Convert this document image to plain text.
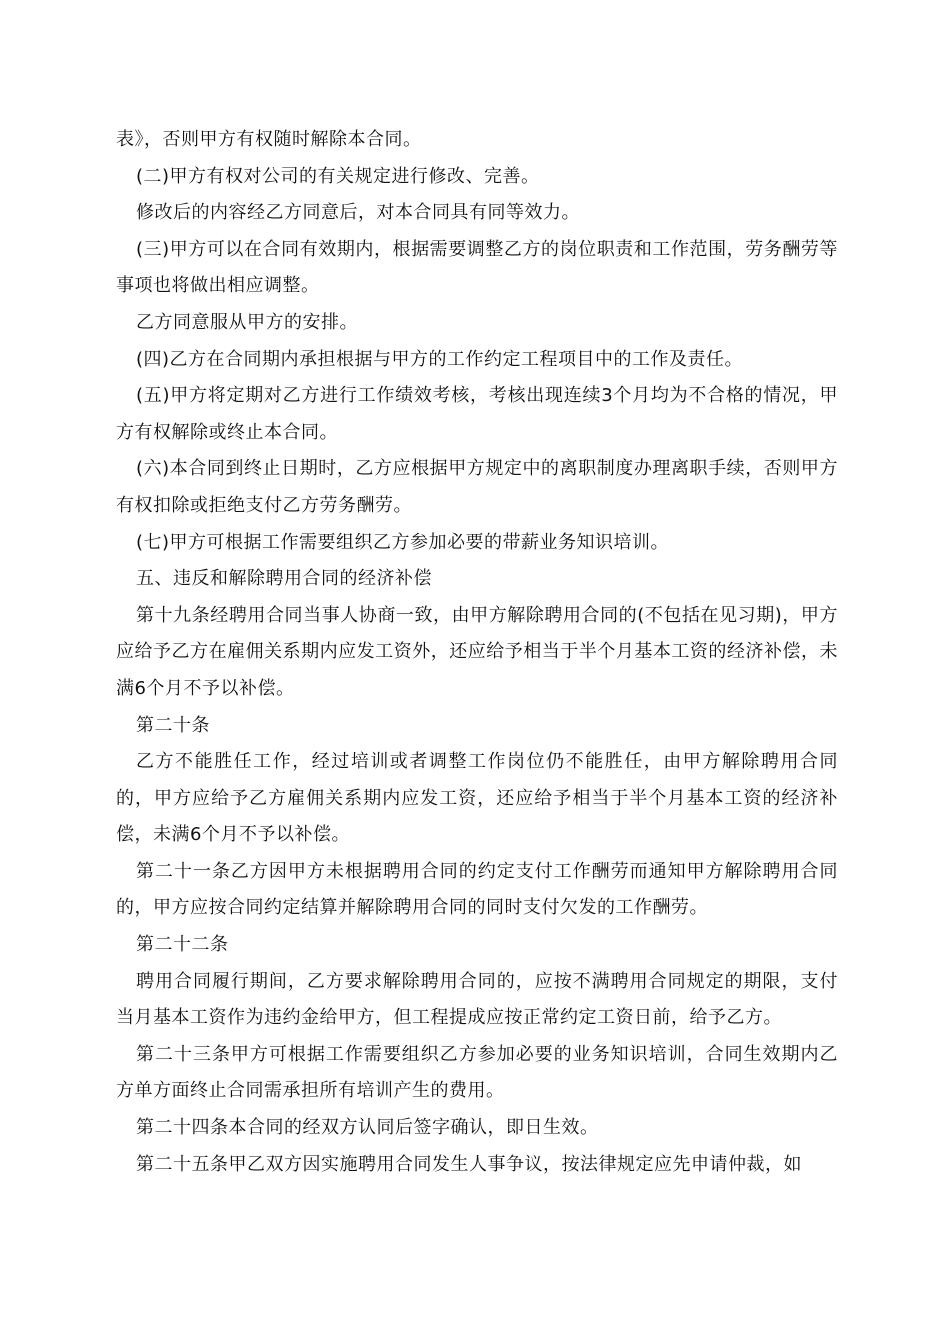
表》，否则甲方有权随时解除本合同。

(二)甲方有权对公司的有关规定进行修改、完善。

修改后的内容经乙方同意后，对本合同具有同等效力。

(三)甲方可以在合同有效期内，根据需要调整乙方的岗位职责和工作范围，劳务酬劳等事项也将做出相应调整。

乙方同意服从甲方的安排。

(四)乙方在合同期内承担根据与甲方的工作约定工程项目中的工作及责任。

(五)甲方将定期对乙方进行工作绩效考核，考核出现连续3个月均为不合格的情况，甲方有权解除或终止本合同。

(六)本合同到终止日期时，乙方应根据甲方规定中的离职制度办理离职手续，否则甲方有权扣除或拒绝支付乙方劳务酬劳。

(七)甲方可根据工作需要组织乙方参加必要的带薪业务知识培训。

五、违反和解除聘用合同的经济补偿

第十九条经聘用合同当事人协商一致，由甲方解除聘用合同的(不包括在见习期)，甲方应给予乙方在雇佣关系期内应发工资外，还应给予相当于半个月基本工资的经济补偿，未满6个月不予以补偿。

第二十条

乙方不能胜任工作，经过培训或者调整工作岗位仍不能胜任，由甲方解除聘用合同的，甲方应给予乙方雇佣关系期内应发工资，还应给予相当于半个月基本工资的经济补偿，未满6个月不予以补偿。

第二十一条乙方因甲方未根据聘用合同的约定支付工作酬劳而通知甲方解除聘用合同的，甲方应按合同约定结算并解除聘用合同的同时支付欠发的工作酬劳。

第二十二条

聘用合同履行期间，乙方要求解除聘用合同的，应按不满聘用合同规定的期限，支付当月基本工资作为违约金给甲方，但工程提成应按正常约定工资日前，给予乙方。

第二十三条甲方可根据工作需要组织乙方参加必要的业务知识培训，合同生效期内乙方单方面终止合同需承担所有培训产生的费用。

第二十四条本合同的经双方认同后签字确认，即日生效。

第二十五条甲乙双方因实施聘用合同发生人事争议，按法律规定应先申请仲裁，如
